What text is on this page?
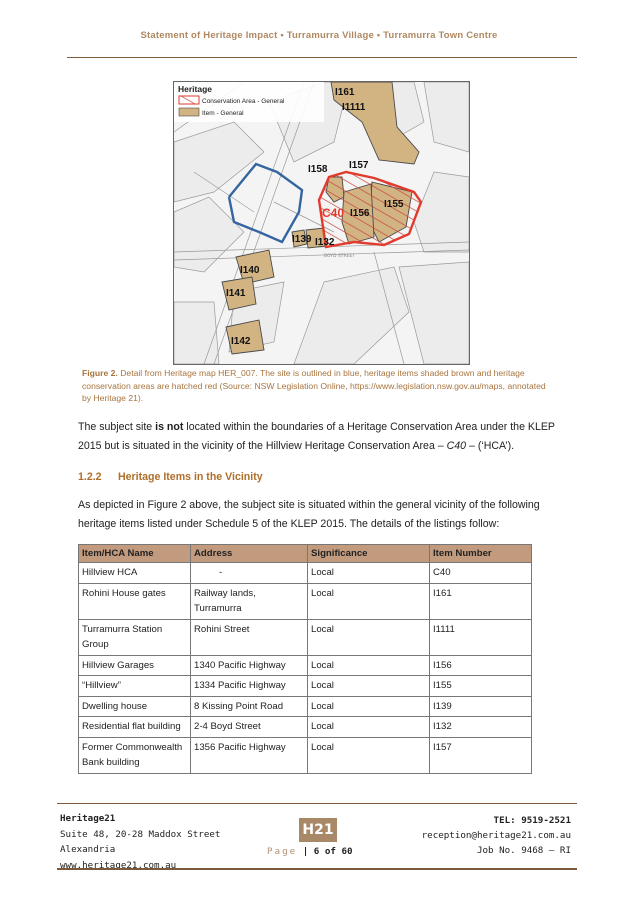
Statement of Heritage Impact • Turramurra Village • Turramurra Town Centre
BOYD STREET
Heritage
Conservation Area - General
Item - General
I161
I1111
I158 I157
C40 I156
I155
I139 I132
I140
I141
I142
Figure 2. Detail from Heritage map HER_007. The site is outlined in blue, heritage items shaded brown and heritage conservation areas are hatched red (Source: NSW Legislation Online, https://www.legislation.nsw.gov.au/maps, annotated by Heritage 21).
The subject site is not located within the boundaries of a Heritage Conservation Area under the KLEP 2015 but is situated in the vicinity of the Hillview Heritage Conservation Area – C40 – (‘HCA’).
1.2.2 Heritage Items in the Vicinity
As depicted in Figure 2 above, the subject site is situated within the general vicinity of the following heritage items listed under Schedule 5 of the KLEP 2015. The details of the listings follow:
Item/HCA Name	Address	Significance	Item Number
Hillview HCA	-	Local	C40
Rohini House gates	Railway lands, Turramurra	Local	I161
Turramurra Station Group	Rohini Street	Local	I1111
Hillview Garages	1340 Pacific Highway	Local	I156
“Hillview”	1334 Pacific Highway	Local	I155
Dwelling house	8 Kissing Point Road	Local	I139
Residential flat building	2-4 Boyd Street	Local	I132
Former Commonwealth Bank building	1356 Pacific Highway	Local	I157
Heritage21
Suite 48, 20-28 Maddox Street
Alexandria
www.heritage21.com.au
H21
Page | 6 of 60
TEL: 9519-2521
reception@heritage21.com.au
Job No. 9468 – RI
